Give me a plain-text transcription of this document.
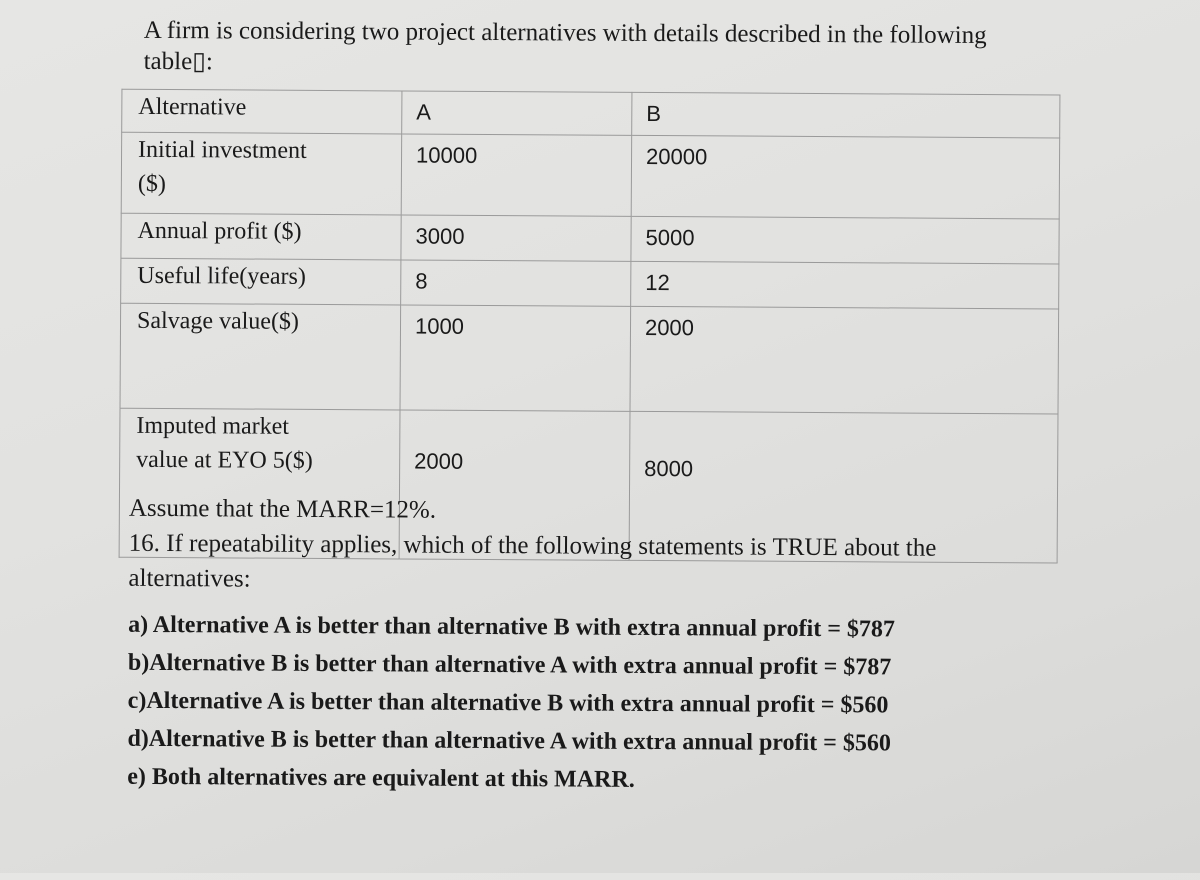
A firm is considering two project alternatives with details described in the following
table▯:
Alternative	A	B

Initial investment
($)	10000	20000
Annual profit ($)	3000	5000
Useful life(years)	8	12
Salvage value($)	1000	2000

Imputed market
value at EYO 5($)	2000	8000

Assume that the MARR=12%.

16. If repeatability applies, which of the following statements is TRUE about the

alternatives:

a) Alternative A is better than alternative B with extra annual profit = $787
b)Alternative B is better than alternative A with extra annual profit = $787
c)Alternative A is better than alternative B with extra annual profit = $560
d)Alternative B is better than alternative A with extra annual profit = $560
e) Both alternatives are equivalent at this MARR.
